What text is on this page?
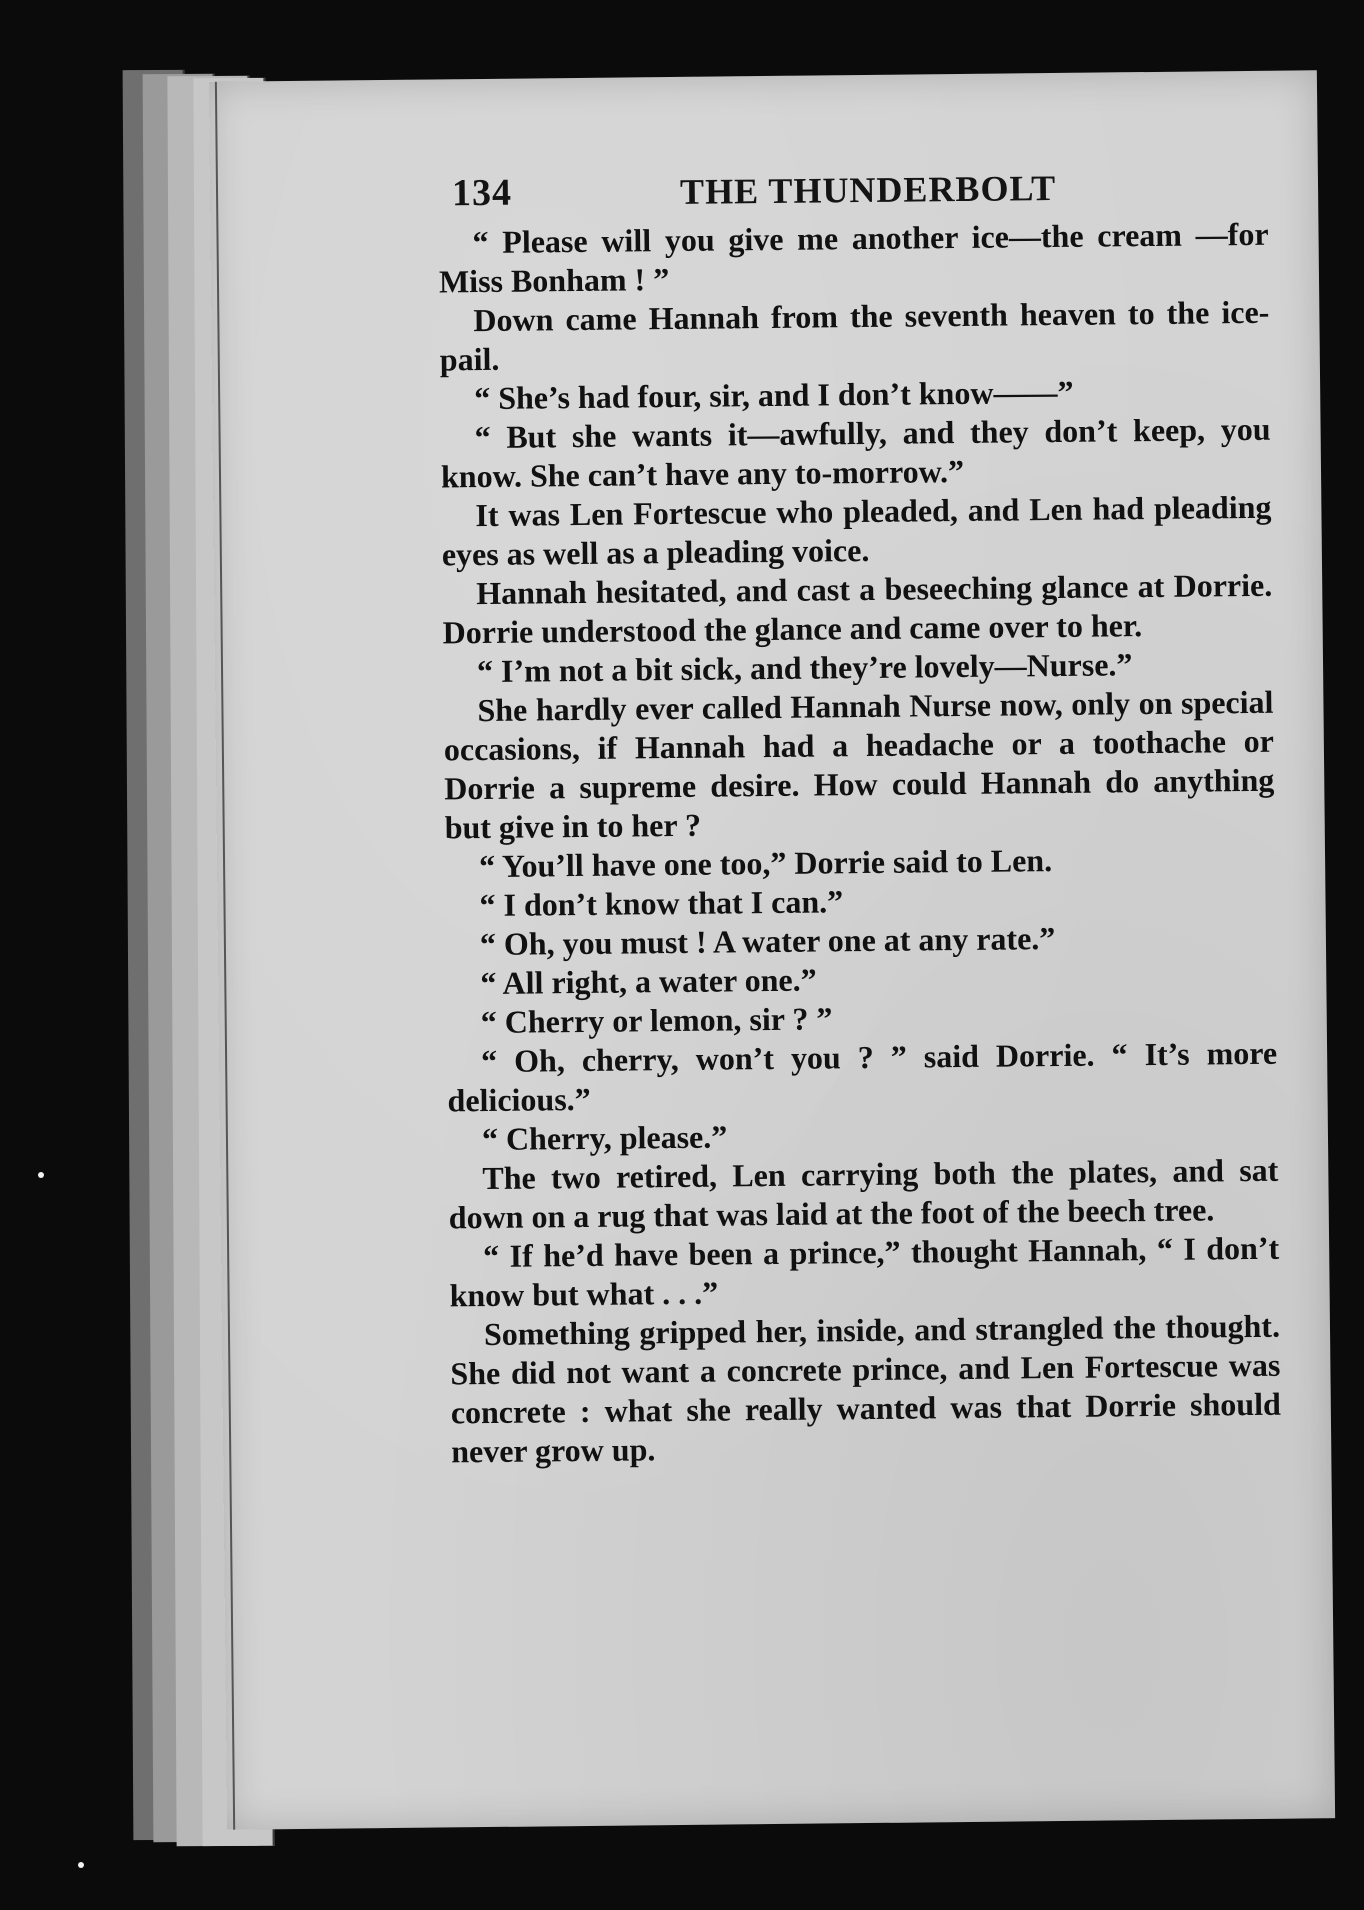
134	THE THUNDERBOLT

“ Please will you give me another ice—the cream —for Miss Bonham ! ”

Down came Hannah from the seventh heaven to the ice-pail.

“ She’s had four, sir, and I don’t know——”

“ But she wants it—awfully, and they don’t keep, you know. She can’t have any to-morrow.”

It was Len Fortescue who pleaded, and Len had pleading eyes as well as a pleading voice.

Hannah hesitated, and cast a beseeching glance at Dorrie. Dorrie understood the glance and came over to her.

“ I’m not a bit sick, and they’re lovely—Nurse.”

She hardly ever called Hannah Nurse now, only on special occasions, if Hannah had a headache or a toothache or Dorrie a supreme desire. How could Hannah do anything but give in to her ?

“ You’ll have one too,” Dorrie said to Len.

“ I don’t know that I can.”

“ Oh, you must ! A water one at any rate.”

“ All right, a water one.”

“ Cherry or lemon, sir ? ”

“ Oh, cherry, won’t you ? ” said Dorrie. “ It’s more delicious.”

“ Cherry, please.”

The two retired, Len carrying both the plates, and sat down on a rug that was laid at the foot of the beech tree.

“ If he’d have been a prince,” thought Hannah, “ I don’t know but what . . .”

Something gripped her, inside, and strangled the thought. She did not want a concrete prince, and Len Fortescue was concrete : what she really wanted was that Dorrie should never grow up.
